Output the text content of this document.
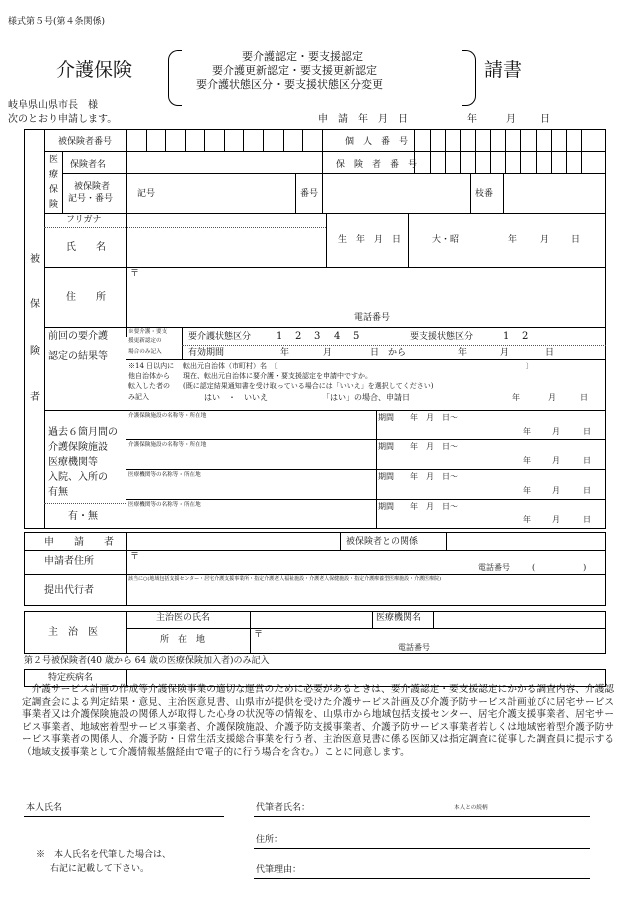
様式第５号(第４条関係)
介護保険
要介護認定・要支援認定
要介護更新認定・要支援更新認定
要介護状態区分・要支援状態区分変更
請書
岐阜県山県市長　様
次のとおり申請します。	申　請　年　月　日	年	月 日
被
保
険
者
被保険者番号	個　人　番　号
医
療
保
険
保険者名	保　険　者　番　号
被保険者
記号・番号	記号	番号	枝番
フリガナ
氏　　名
生　年　月　日	大・昭	年	月 日
住　　所
〒
電話番号
前回の要介護
認定の結果等
※要介護・要支
援更新認定の
場合のみ記入
要介護状態区分 1 2 3 4 5	要支援状態区分	1 2
有効期間	年	月	日　から	年	月	日
※14 日以内に
他自治体から
転入した者の
み記入
転出元自治体（市町村）名　〔	〕
現在、転出元自治体に要介護・要支援認定を申請中ですか。
(既に認定結果通知書を受け取っている場合には「いいえ」を選択してください)
はい　・　いいえ	「はい」の場合、申請日	年	月	日
過去６箇月間の
介護保険施設
医療機関等
入院、入所の
有無
有・無
介護保険施設の名称等・所在地	期間　　年　月　日～
年	月	日
介護保険施設の名称等・所在地	期間　　年　月　日～
年	月	日
医療機関等の名称等・所在地	期間　　年　月　日～
年	月	日
医療機関等の名称等・所在地	期間　　年　月　日～
年	月	日
申　　請　　者	被保険者との関係
申請者住所	〒
電話番号	(　　　　　　)
提出代行者
該当に○(地域包括支援センター・居宅介護支援事業所・指定介護老人福祉施設・介護老人保健施設・指定介護療養型医療施設・介護医療院)
主　治　医
主治医の氏名	医療機関名
所　在　地	〒
電話番号
第２号被保険者(40 歳から 64 歳の医療保険加入者)のみ記入
特定疾病名
介護サービス計画の作成等介護保険事業の適切な運営のために必要があるときは、要介護認定・要支援認定にかかる調査内容、介護認定調査会による判定結果・意見、主治医意見書、山県市が提供を受けた介護サービス計画及び介護予防サービス計画並びに居宅サービス事業者又は介護保険施設の関係人が取得した心身の状況等の情報を、山県市から地域包括支援センター、居宅介護支援事業者、居宅サービス事業者、地域密着型サービス事業者、介護保険施設、介護予防支援事業者、介護予防サービス事業者若しくは地域密着型介護予防サービス事業者の関係人、介護予防・日常生活支援総合事業を行う者、主治医意見書に係る医師又は指定調査に従事した調査員に提示する（地域支援事業として介護情報基盤経由で電子的に行う場合を含む。）ことに同意します。
本人氏名	代筆者氏名：	本人との続柄
住所：
※　本人氏名を代筆した場合は、
右記に記載して下さい。	代筆理由：
